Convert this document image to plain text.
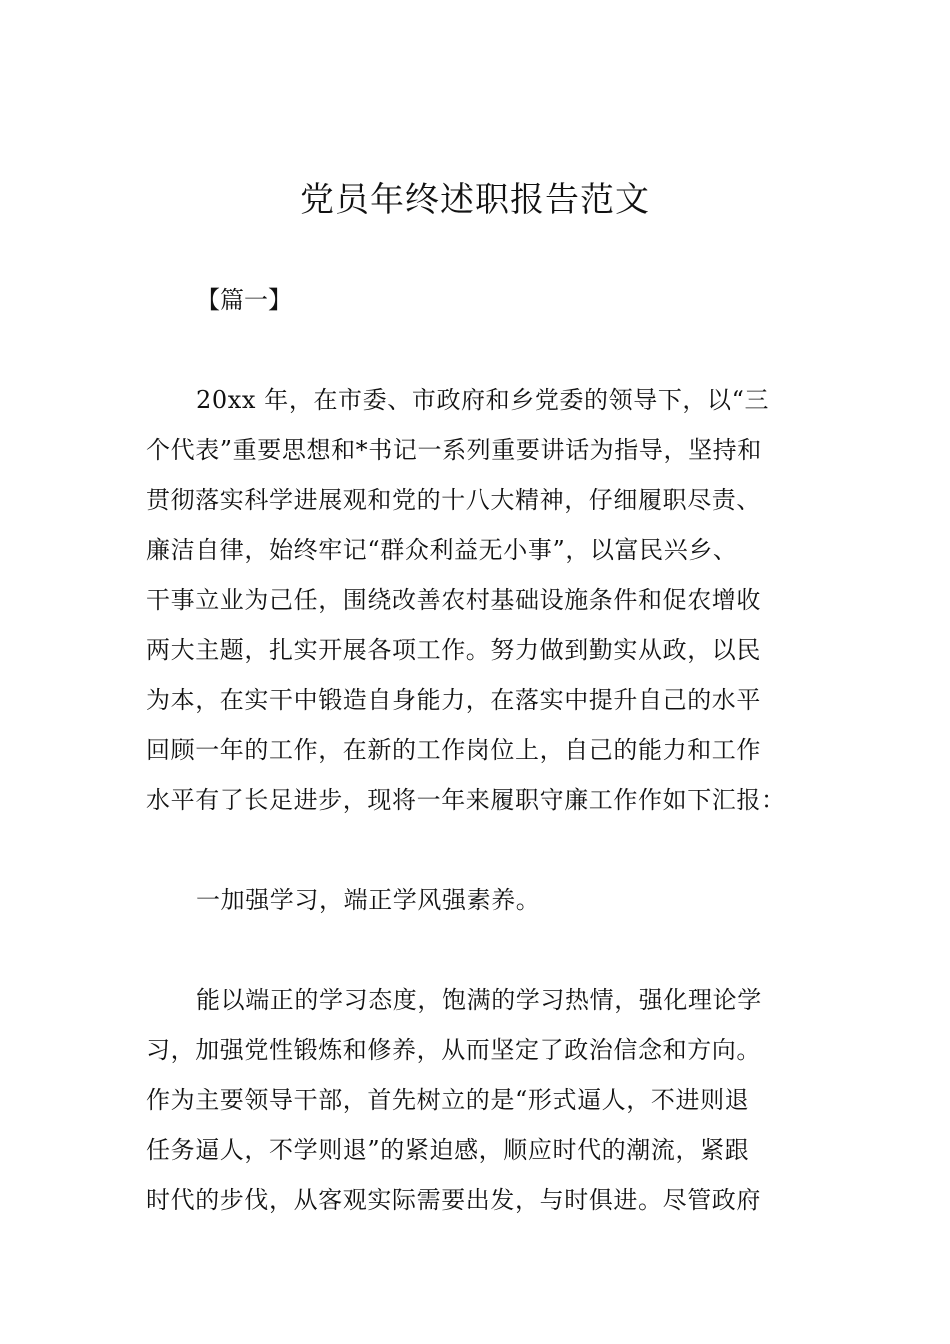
党员年终述职报告范文

【篇一】

20xx 年，在市委、市政府和乡党委的领导下，以“三

个代表”重要思想和*书记一系列重要讲话为指导，坚持和

贯彻落实科学进展观和党的十八大精神，仔细履职尽责、

廉洁自律，始终牢记“群众利益无小事”，以富民兴乡、

干事立业为己任，围绕改善农村基础设施条件和促农增收

两大主题，扎实开展各项工作。努力做到勤实从政，以民

为本，在实干中锻造自身能力，在落实中提升自己的水平

回顾一年的工作，在新的工作岗位上，自己的能力和工作

水平有了长足进步，现将一年来履职守廉工作作如下汇报：

一加强学习，端正学风强素养。

能以端正的学习态度，饱满的学习热情，强化理论学

习，加强党性锻炼和修养，从而坚定了政治信念和方向。

作为主要领导干部，首先树立的是“形式逼人，不进则退

任务逼人，不学则退”的紧迫感，顺应时代的潮流，紧跟

时代的步伐，从客观实际需要出发，与时俱进。尽管政府
